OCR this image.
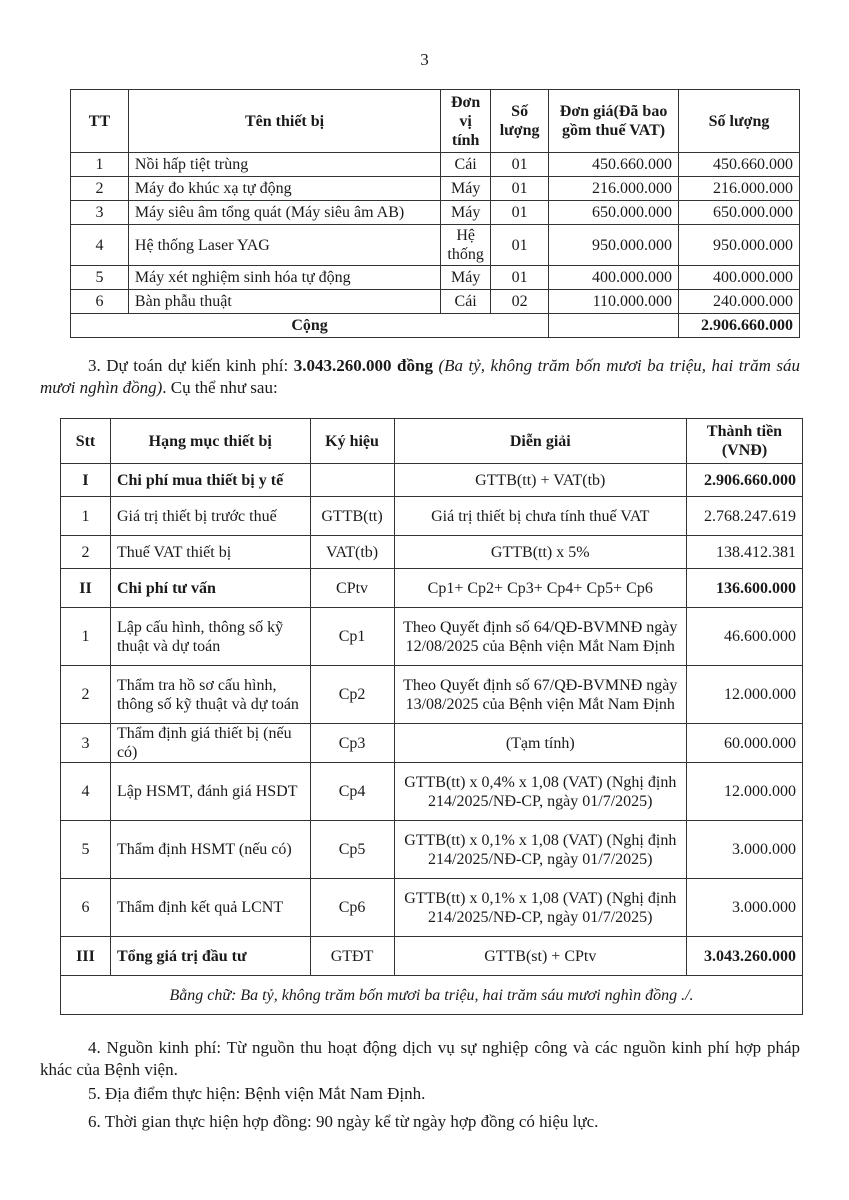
3
TT	Tên thiết bị	Đơn vị tính	Số lượng	Đơn giá(Đã bao gồm thuế VAT)	Số lượng
1	Nồi hấp tiệt trùng	Cái	01	450.660.000	450.660.000
2	Máy đo khúc xạ tự động	Máy	01	216.000.000	216.000.000
3	Máy siêu âm tổng quát (Máy siêu âm AB)	Máy	01	650.000.000	650.000.000
4	Hệ thống Laser YAG	Hệ thống	01	950.000.000	950.000.000
5	Máy xét nghiệm sinh hóa tự động	Máy	01	400.000.000	400.000.000
6	Bàn phẫu thuật	Cái	02	110.000.000	240.000.000
Cộng					2.906.660.000
3. Dự toán dự kiến kinh phí: 3.043.260.000 đồng (Ba tỷ, không trăm bốn mươi ba triệu, hai trăm sáu mươi nghìn đồng). Cụ thể như sau:
Stt	Hạng mục thiết bị	Ký hiệu	Diễn giải	Thành tiền (VNĐ)
I	Chi phí mua thiết bị y tế		GTTB(tt) + VAT(tb)	2.906.660.000
1	Giá trị thiết bị trước thuế	GTTB(tt)	Giá trị thiết bị chưa tính thuế VAT	2.768.247.619
2	Thuế VAT thiết bị	VAT(tb)	GTTB(tt) x 5%	138.412.381
II	Chi phí tư vấn	CPtv	Cp1+ Cp2+ Cp3+ Cp4+ Cp5+ Cp6	136.600.000
1	Lập cấu hình, thông số kỹ thuật và dự toán	Cp1	Theo Quyết định số 64/QĐ-BVMNĐ ngày 12/08/2025 của Bệnh viện Mắt Nam Định	46.600.000
2	Thẩm tra hồ sơ cấu hình, thông số kỹ thuật và dự toán	Cp2	Theo Quyết định số 67/QĐ-BVMNĐ ngày 13/08/2025 của Bệnh viện Mắt Nam Định	12.000.000
3	Thẩm định giá thiết bị (nếu có)	Cp3	(Tạm tính)	60.000.000
4	Lập HSMT, đánh giá HSDT	Cp4	GTTB(tt) x 0,4% x 1,08 (VAT) (Nghị định 214/2025/NĐ-CP, ngày 01/7/2025)	12.000.000
5	Thẩm định HSMT (nếu có)	Cp5	GTTB(tt) x 0,1% x 1,08 (VAT) (Nghị định 214/2025/NĐ-CP, ngày 01/7/2025)	3.000.000
6	Thẩm định kết quả LCNT	Cp6	GTTB(tt) x 0,1% x 1,08 (VAT) (Nghị định 214/2025/NĐ-CP, ngày 01/7/2025)	3.000.000
III	Tổng giá trị đầu tư	GTĐT	GTTB(st) + CPtv	3.043.260.000
Bằng chữ: Ba tỷ, không trăm bốn mươi ba triệu, hai trăm sáu mươi nghìn đồng ./.				
4. Nguồn kinh phí: Từ nguồn thu hoạt động dịch vụ sự nghiệp công và các nguồn kinh phí hợp pháp khác của Bệnh viện.
5. Địa điểm thực hiện: Bệnh viện Mắt Nam Định.
6. Thời gian thực hiện hợp đồng: 90 ngày kể từ ngày hợp đồng có hiệu lực.
